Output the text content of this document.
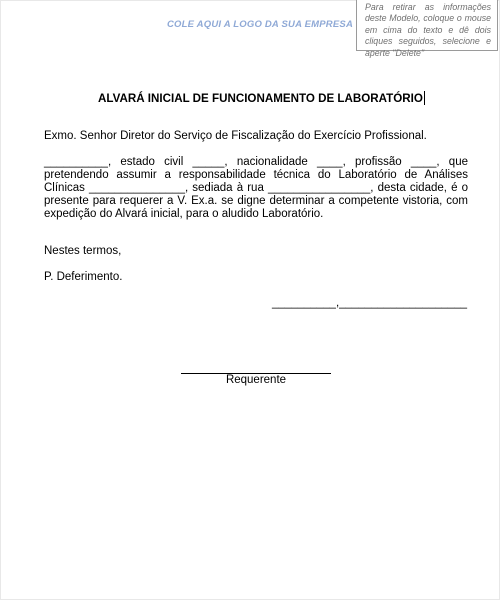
COLE AQUI A LOGO DA SUA EMPRESA
Para retirar as informações deste Modelo, coloque o mouse em cima do texto e dê dois cliques seguidos, selecione e aperte "Delete"
ALVARÁ INICIAL DE FUNCIONAMENTO DE LABORATÓRIO
Exmo. Senhor Diretor do Serviço de Fiscalização do Exercício Profissional.
__________, estado civil _____, nacionalidade ____, profissão ____, que pretendendo assumir a responsabilidade técnica do Laboratório de Análises Clínicas _______________, sediada à rua ________________, desta cidade, é o presente para requerer a V. Ex.a. se digne determinar a competente vistoria, com expedição do Alvará inicial, para o aludido Laboratório.
Nestes termos,
P. Deferimento.
__________,____________________
Requerente
